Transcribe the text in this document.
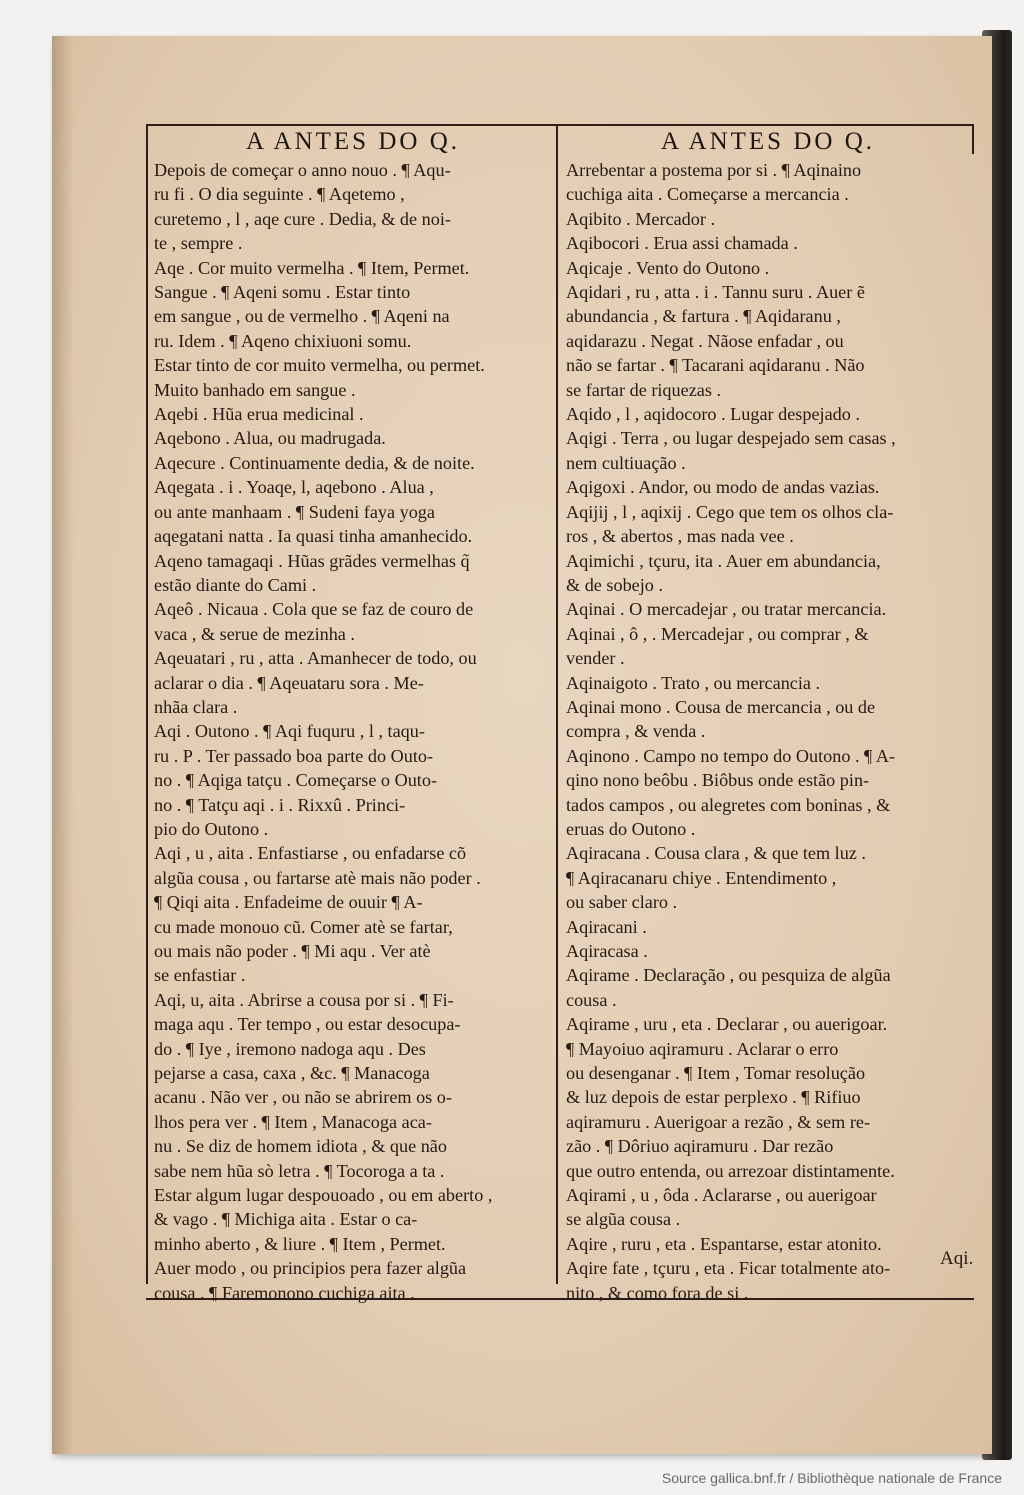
A ANTES DO Q.
Depois de começar o anno nouo . ¶ Aqu-
ru fi . O dia seguinte . ¶ Aqetemo ,
curetemo , l , aqe cure . Dedia, & de noi-
te , sempre .
Aqe . Cor muito vermelha . ¶ Item, Permet.
Sangue . ¶ Aqeni somu . Estar tinto
em sangue , ou de vermelho . ¶ Aqeni na
ru. Idem . ¶ Aqeno chixiuoni somu.
Estar tinto de cor muito vermelha, ou permet.
Muito banhado em sangue .
Aqebi . Hũa erua medicinal .
Aqebono . Alua, ou madrugada.
Aqecure . Continuamente dedia, & de noite.
Aqegata . i . Yoaqe, l, aqebono . Alua ,
ou ante manhaam . ¶ Sudeni faya yoga
aqegatani natta . Ia quasi tinha amanhecido.
Aqeno tamagaqi . Hũas grãdes vermelhas q̃
estão diante do Cami .
Aqeô . Nicaua . Cola que se faz de couro de
vaca , & serue de mezinha .
Aqeuatari , ru , atta . Amanhecer de todo, ou
aclarar o dia . ¶ Aqeuataru sora . Me-
nhãa clara .
Aqi . Outono . ¶ Aqi fuquru , l , taqu-
ru . P . Ter passado boa parte do Outo-
no . ¶ Aqiga tatçu . Começarse o Outo-
no . ¶ Tatçu aqi . i . Rixxû . Princi-
pio do Outono .
Aqi , u , aita . Enfastiarse , ou enfadarse cõ
algũa cousa , ou fartarse atè mais não poder .
¶ Qiqi aita . Enfadeime de ouuir ¶ A-
cu made monouo cũ. Comer atè se fartar,
ou mais não poder . ¶ Mi aqu . Ver atè
se enfastiar .
Aqi, u, aita . Abrirse a cousa por si . ¶ Fi-
maga aqu . Ter tempo , ou estar desocupa-
do . ¶ Iye , iremono nadoga aqu . Des
pejarse a casa, caxa , &c. ¶ Manacoga
acanu . Não ver , ou não se abrirem os o-
lhos pera ver . ¶ Item , Manacoga aca-
nu . Se diz de homem idiota , & que não
sabe nem hũa sò letra . ¶ Tocoroga a ta .
Estar algum lugar despouoado , ou em aberto ,
& vago . ¶ Michiga aita . Estar o ca-
minho aberto , & liure . ¶ Item , Permet.
Auer modo , ou principios pera fazer algũa
cousa . ¶ Faremonono cuchiga aita .
A ANTES DO Q.
Arrebentar a postema por si . ¶ Aqinaino
cuchiga aita . Começarse a mercancia .
Aqibito . Mercador .
Aqibocori . Erua assi chamada .
Aqicaje . Vento do Outono .
Aqidari , ru , atta . i . Tannu suru . Auer ẽ
abundancia , & fartura . ¶ Aqidaranu ,
aqidarazu . Negat . Nãose enfadar , ou
não se fartar . ¶ Tacarani aqidaranu . Não
se fartar de riquezas .
Aqido , l , aqidocoro . Lugar despejado .
Aqigi . Terra , ou lugar despejado sem casas ,
nem cultiuação .
Aqigoxi . Andor, ou modo de andas vazias.
Aqijij , l , aqixij . Cego que tem os olhos cla-
ros , & abertos , mas nada vee .
Aqimichi , tçuru, ita . Auer em abundancia,
& de sobejo .
Aqinai . O mercadejar , ou tratar mercancia.
Aqinai , ô , . Mercadejar , ou comprar , &
vender .
Aqinaigoto . Trato , ou mercancia .
Aqinai mono . Cousa de mercancia , ou de
compra , & venda .
Aqinono . Campo no tempo do Outono . ¶ A-
qino nono beôbu . Biôbus onde estão pin-
tados campos , ou alegretes com boninas , &
eruas do Outono .
Aqiracana . Cousa clara , & que tem luz .
¶ Aqiracanaru chiye . Entendimento ,
ou saber claro .
Aqiracani .
Aqiracasa .
Aqirame . Declaração , ou pesquiza de algũa
cousa .
Aqirame , uru , eta . Declarar , ou auerigoar.
¶ Mayoiuo aqiramuru . Aclarar o erro
ou desenganar . ¶ Item , Tomar resolução
& luz depois de estar perplexo . ¶ Rifiuo
aqiramuru . Auerigoar a rezão , & sem re-
zão . ¶ Dôriuo aqiramuru . Dar rezão
que outro entenda, ou arrezoar distintamente.
Aqirami , u , ôda . Aclararse , ou auerigoar
se algũa cousa .
Aqire , ruru , eta . Espantarse, estar atonito.
Aqire fate , tçuru , eta . Ficar totalmente ato-
nito , & como fora de si .
Aqi.
Source gallica.bnf.fr / Bibliothèque nationale de France
